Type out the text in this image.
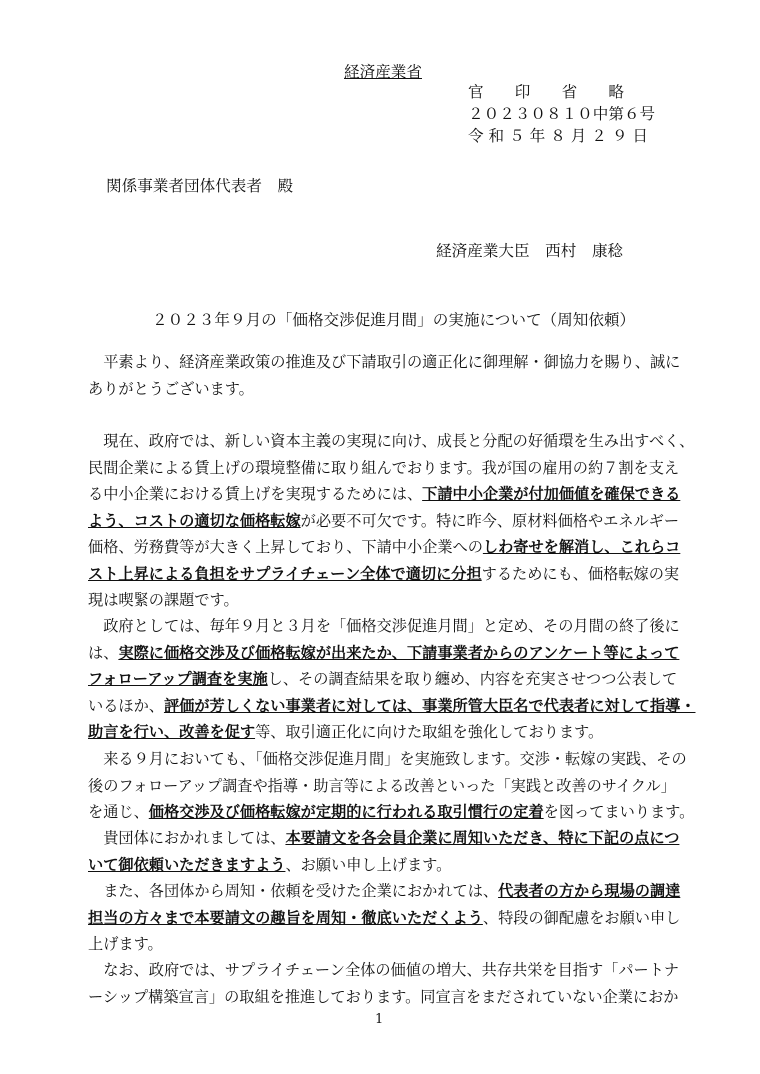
経済産業省
官　　印　　省　　略
２０２３０８１０中第６号
令 和 ５ 年 ８ 月 ２ ９ 日
関係事業者団体代表者　殿
経済産業大臣　西村　康稔
２０２３年９月の「価格交渉促進月間」の実施について（周知依頼）
　平素より、経済産業政策の推進及び下請取引の適正化に御理解・御協力を賜り、誠に
ありがとうございます。
　現在、政府では、新しい資本主義の実現に向け、成長と分配の好循環を生み出すべく、
民間企業による賃上げの環境整備に取り組んでおります。我が国の雇用の約７割を支え
る中小企業における賃上げを実現するためには、下請中小企業が付加価値を確保できる
よう、コストの適切な価格転嫁が必要不可欠です。特に昨今、原材料価格やエネルギー
価格、労務費等が大きく上昇しており、下請中小企業へのしわ寄せを解消し、これらコ
スト上昇による負担をサプライチェーン全体で適切に分担するためにも、価格転嫁の実
現は喫緊の課題です。
　政府としては、毎年９月と３月を「価格交渉促進月間」と定め、その月間の終了後に
は、実際に価格交渉及び価格転嫁が出来たか、下請事業者からのアンケート等によって
フォローアップ調査を実施し、その調査結果を取り纏め、内容を充実させつつ公表して
いるほか、評価が芳しくない事業者に対しては、事業所管大臣名で代表者に対して指導・
助言を行い、改善を促す等、取引適正化に向けた取組を強化しております。
　来る９月においても、「価格交渉促進月間」を実施致します。交渉・転嫁の実践、その
後のフォローアップ調査や指導・助言等による改善といった「実践と改善のサイクル」
を通じ、価格交渉及び価格転嫁が定期的に行われる取引慣行の定着を図ってまいります。
　貴団体におかれましては、本要請文を各会員企業に周知いただき、特に下記の点につ
いて御依頼いただきますよう、お願い申し上げます。
　また、各団体から周知・依頼を受けた企業におかれては、代表者の方から現場の調達
担当の方々まで本要請文の趣旨を周知・徹底いただくよう、特段の御配慮をお願い申し
上げます。
　なお、政府では、サプライチェーン全体の価値の増大、共存共栄を目指す「パートナ
ーシップ構築宣言」の取組を推進しております。同宣言をまだされていない企業におか
1
